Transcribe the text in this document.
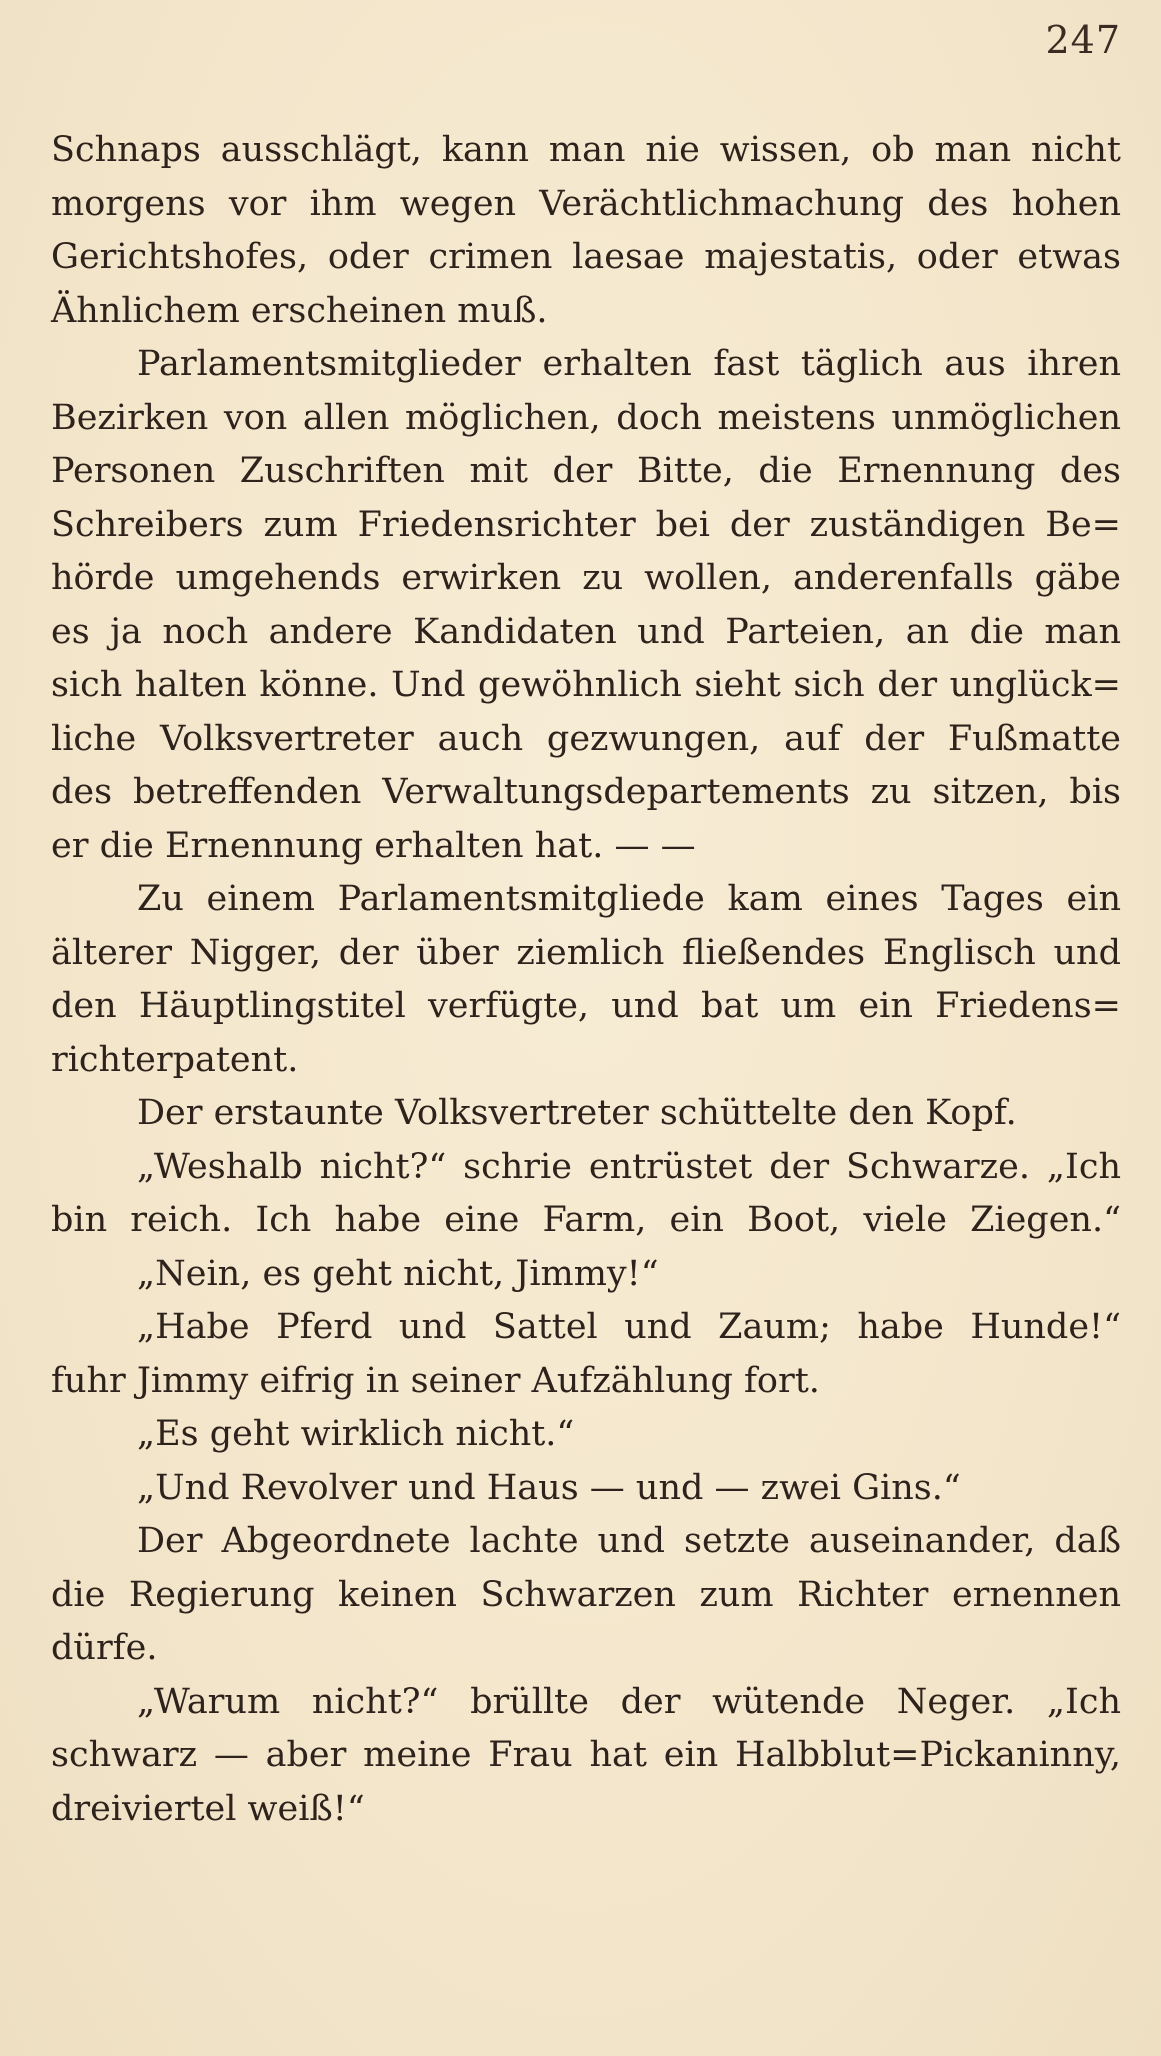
247
Schnaps ausschlägt, kann man nie wissen, ob man nicht
morgens vor ihm wegen Verächtlichmachung des hohen
Gerichtshofes, oder crimen laesae majestatis, oder etwas
Ähnlichem erscheinen muß.
Parlamentsmitglieder erhalten fast täglich aus ihren
Bezirken von allen möglichen, doch meistens unmöglichen
Personen Zuschriften mit der Bitte, die Ernennung des
Schreibers zum Friedensrichter bei der zuständigen Be=
hörde umgehends erwirken zu wollen, anderenfalls gäbe
es ja noch andere Kandidaten und Parteien, an die man
sich halten könne. Und gewöhnlich sieht sich der unglück=
liche Volksvertreter auch gezwungen, auf der Fußmatte
des betreffenden Verwaltungsdepartements zu sitzen, bis
er die Ernennung erhalten hat. — —
Zu einem Parlamentsmitgliede kam eines Tages ein
älterer Nigger, der über ziemlich fließendes Englisch und
den Häuptlingstitel verfügte, und bat um ein Friedens=
richterpatent.
Der erstaunte Volksvertreter schüttelte den Kopf.
„Weshalb nicht?“ schrie entrüstet der Schwarze. „Ich
bin reich. Ich habe eine Farm, ein Boot, viele Ziegen.“
„Nein, es geht nicht, Jimmy!“
„Habe Pferd und Sattel und Zaum; habe Hunde!“
fuhr Jimmy eifrig in seiner Aufzählung fort.
„Es geht wirklich nicht.“
„Und Revolver und Haus — und — zwei Gins.“
Der Abgeordnete lachte und setzte auseinander, daß
die Regierung keinen Schwarzen zum Richter ernennen
dürfe.
„Warum nicht?“ brüllte der wütende Neger. „Ich
schwarz — aber meine Frau hat ein Halbblut=Pickaninny,
dreiviertel weiß!“
